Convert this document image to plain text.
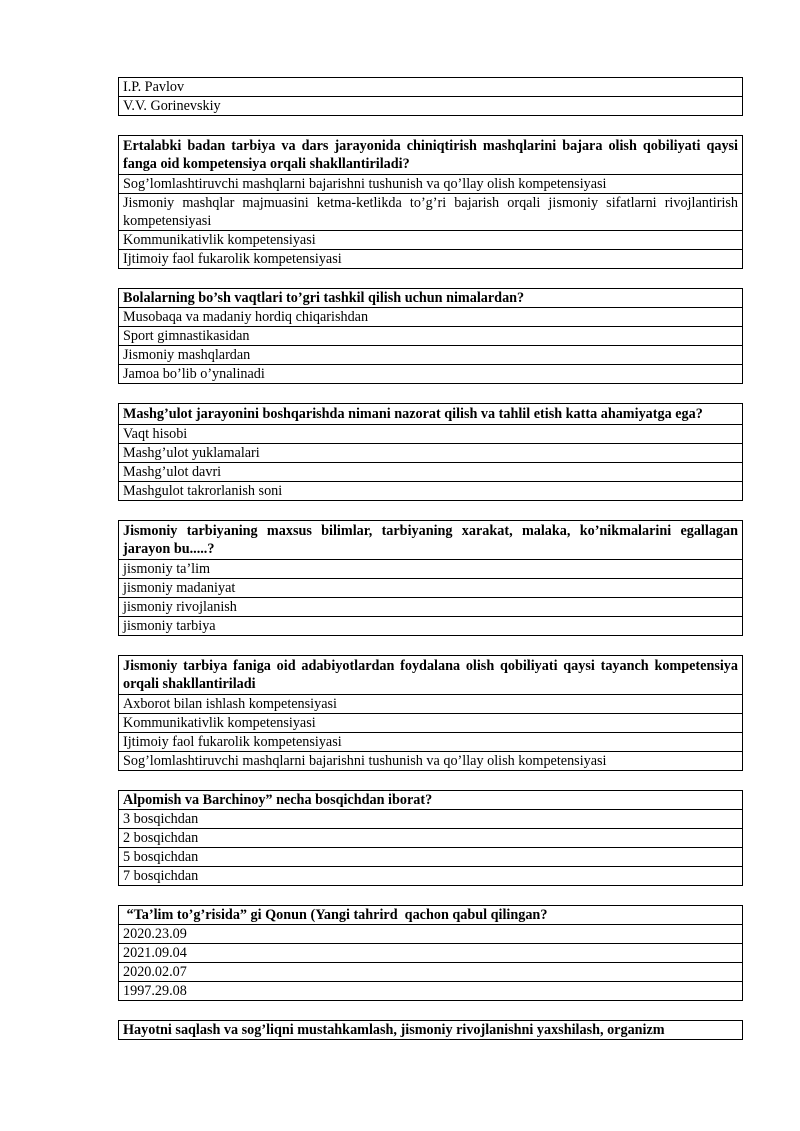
I.P. Pavlov
V.V. Gorinevskiy
Ertalabki badan tarbiya va dars jarayonida chiniqtirish mashqlarini bajara olish qobiliyati qaysi fanga oid kompetensiya orqali shakllantiriladi?
Sog’lomlashtiruvchi mashqlarni bajarishni tushunish va qo’llay olish kompetensiyasi
Jismoniy mashqlar majmuasini ketma-ketlikda to’g’ri bajarish orqali jismoniy sifatlarni rivojlantirish kompetensiyasi
Kommunikativlik kompetensiyasi
Ijtimoiy faol fukarolik kompetensiyasi
Bolalarning bo’sh vaqtlari to’gri tashkil qilish uchun nimalardan?
Musobaqa va madaniy hordiq chiqarishdan
Sport gimnastikasidan
Jismoniy mashqlardan
Jamoa bo’lib o’ynalinadi
Mashg’ulot jarayonini boshqarishda nimani nazorat qilish va tahlil etish katta ahamiyatga ega?
Vaqt hisobi
Mashg’ulot yuklamalari
Mashg’ulot davri
Mashgulot takrorlanish soni
Jismoniy tarbiyaning maxsus bilimlar, tarbiyaning xarakat, malaka, ko’nikmalarini egallagan jarayon bu.....?
jismoniy ta’lim
jismoniy madaniyat
jismoniy rivojlanish
jismoniy tarbiya
Jismoniy tarbiya faniga oid adabiyotlardan foydalana olish qobiliyati qaysi tayanch kompetensiya orqali shakllantiriladi
Axborot bilan ishlash kompetensiyasi
Kommunikativlik kompetensiyasi
Ijtimoiy faol fukarolik kompetensiyasi
Sog’lomlashtiruvchi mashqlarni bajarishni tushunish va qo’llay olish kompetensiyasi
Alpomish va Barchinoy” necha bosqichdan iborat?
3 bosqichdan
2 bosqichdan
5 bosqichdan
7 bosqichdan
“Ta’lim to’g’risida” gi Qonun (Yangi tahrird  qachon qabul qilingan?
2020.23.09
2021.09.04
2020.02.07
1997.29.08
Hayotni saqlash va sog’liqni mustahkamlash, jismoniy rivojlanishni yaxshilash, organizm
